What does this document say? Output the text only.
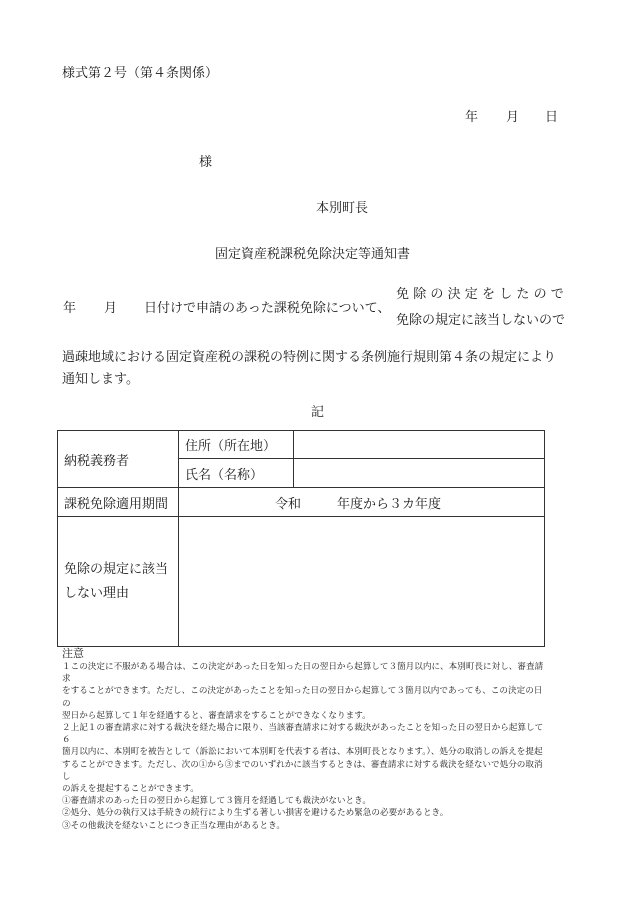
様式第２号（第４条関係）
年 月 日
様
本別町長
固定資産税課税免除決定等通知書
年 月 日付けで申請のあった課税免除について、
免除の決定をしたので
免除の規定に該当しないので
過疎地域における固定資産税の課税の特例に関する条例施行規則第４条の規定により
通知します。
記
納税義務者	住所（所在地）	
	氏名（名称）	
課税免除適用期間	令和 年度から３カ年度	

免除の規定に該当
しない理由		

注意

１この決定に不服がある場合は、この決定があった日を知った日の翌日から起算して３箇月以内に、本別町長に対し、審査請求

をすることができます。ただし、この決定があったことを知った日の翌日から起算して３箇月以内であっても、この決定の日の

翌日から起算して１年を経過すると、審査請求をすることができなくなります。

２上記１の審査請求に対する裁決を経た場合に限り、当該審査請求に対する裁決があったことを知った日の翌日から起算して６

箇月以内に、本別町を被告として（訴訟において本別町を代表する者は、本別町長となります。）、処分の取消しの訴えを提起

することができます。ただし、次の①から③までのいずれかに該当するときは、審査請求に対する裁決を経ないで処分の取消し

の訴えを提起することができます。

①審査請求のあった日の翌日から起算して３箇月を経過しても裁決がないとき。

②処分、処分の執行又は手続きの続行により生ずる著しい損害を避けるため緊急の必要があるとき。

③その他裁決を経ないことにつき正当な理由があるとき。
